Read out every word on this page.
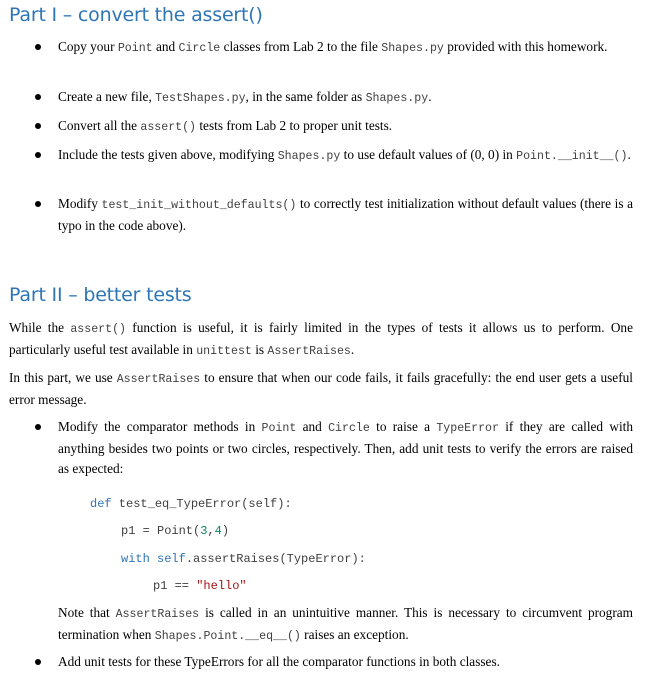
Part I – convert the assert()
Copy your Point and Circle classes from Lab 2 to the file Shapes.py provided with this homework.
Create a new file, TestShapes.py, in the same folder as Shapes.py.
Convert all the assert() tests from Lab 2 to proper unit tests.
Include the tests given above, modifying Shapes.py to use default values of (0, 0) in Point.__init__().
Modify test_init_without_defaults() to correctly test initialization without default values (there is a typo in the code above).
Part II – better tests
While the assert() function is useful, it is fairly limited in the types of tests it allows us to perform. One particularly useful test available in unittest is AssertRaises.
In this part, we use AssertRaises to ensure that when our code fails, it fails gracefully: the end user gets a useful error message.
Modify the comparator methods in Point and Circle to raise a TypeError if they are called with anything besides two points or two circles, respectively. Then, add unit tests to verify the errors are raised as expected:
def test_eq_TypeError(self):
p1 = Point(3,4)
with self.assertRaises(TypeError):
p1 == "hello"
Note that AssertRaises is called in an unintuitive manner. This is necessary to circumvent program termination when Shapes.Point.__eq__() raises an exception.
Add unit tests for these TypeErrors for all the comparator functions in both classes.
